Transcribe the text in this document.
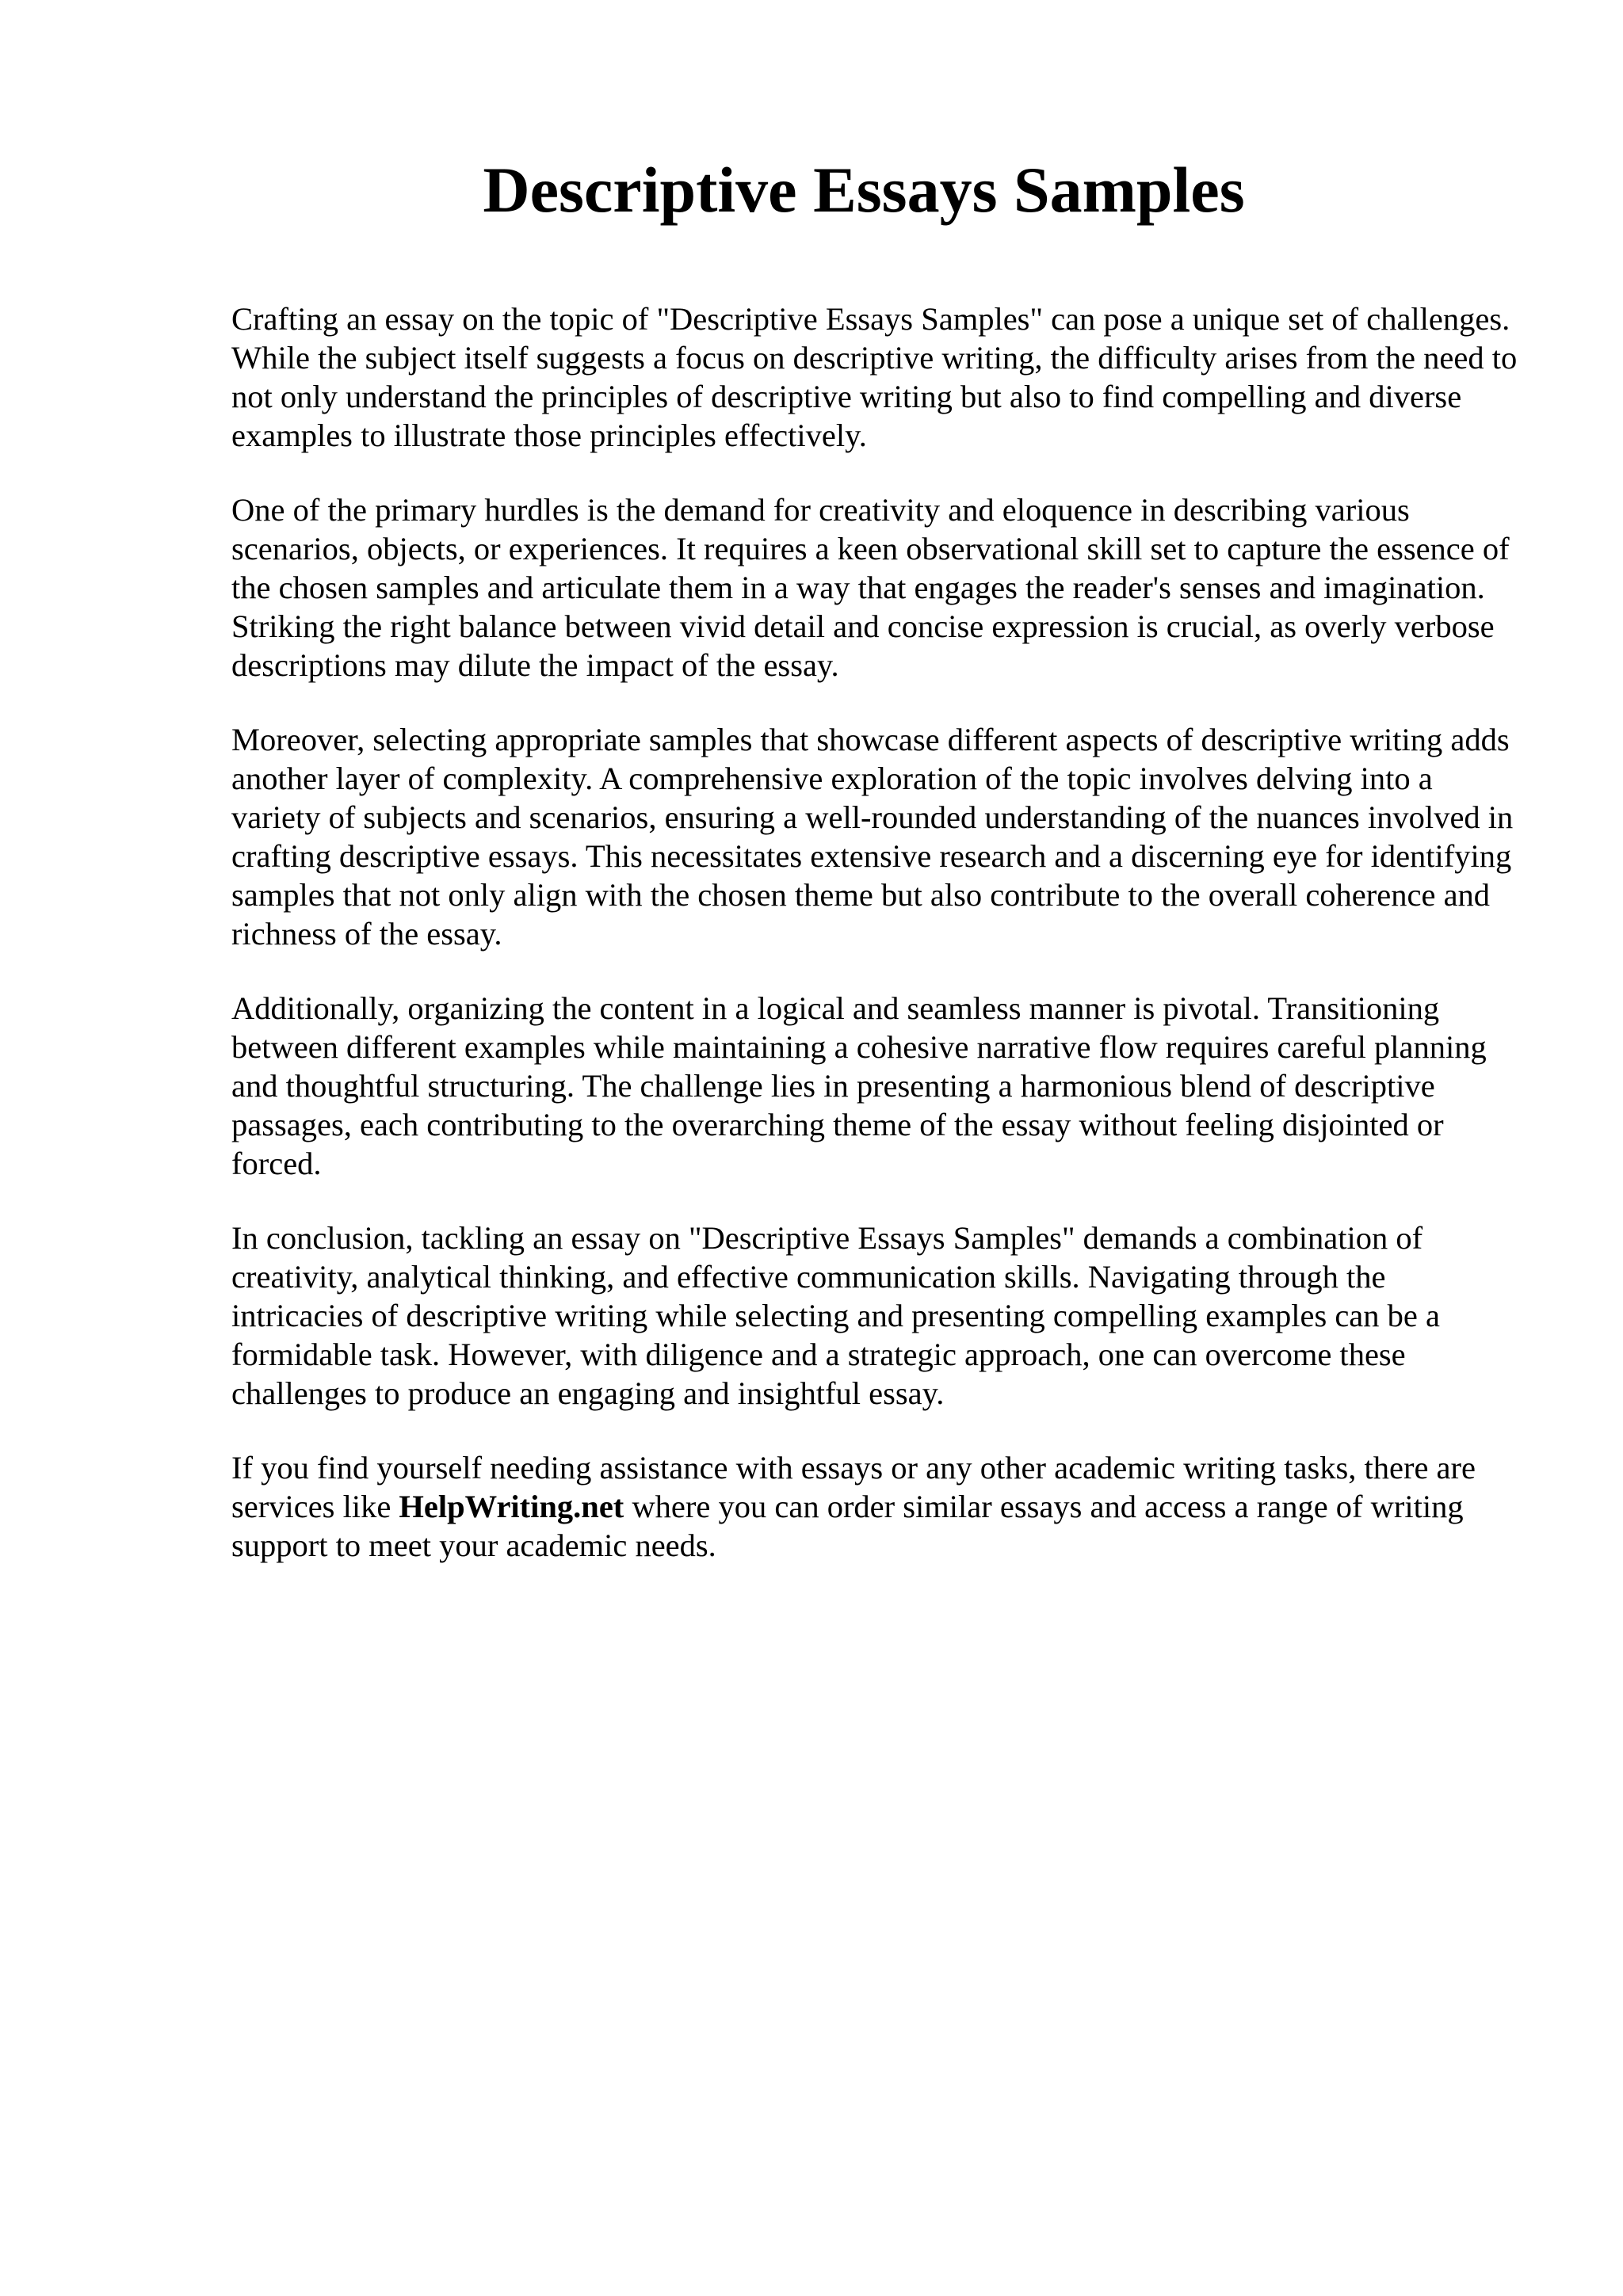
Descriptive Essays Samples

Crafting an essay on the topic of "Descriptive Essays Samples" can pose a unique set of challenges. While the subject itself suggests a focus on descriptive writing, the difficulty arises from the need to not only understand the principles of descriptive writing but also to find compelling and diverse examples to illustrate those principles effectively.

One of the primary hurdles is the demand for creativity and eloquence in describing various scenarios, objects, or experiences. It requires a keen observational skill set to capture the essence of the chosen samples and articulate them in a way that engages the reader's senses and imagination. Striking the right balance between vivid detail and concise expression is crucial, as overly verbose descriptions may dilute the impact of the essay.

Moreover, selecting appropriate samples that showcase different aspects of descriptive writing adds another layer of complexity. A comprehensive exploration of the topic involves delving into a variety of subjects and scenarios, ensuring a well-rounded understanding of the nuances involved in crafting descriptive essays. This necessitates extensive research and a discerning eye for identifying samples that not only align with the chosen theme but also contribute to the overall coherence and richness of the essay.

Additionally, organizing the content in a logical and seamless manner is pivotal. Transitioning between different examples while maintaining a cohesive narrative flow requires careful planning and thoughtful structuring. The challenge lies in presenting a harmonious blend of descriptive passages, each contributing to the overarching theme of the essay without feeling disjointed or forced.

In conclusion, tackling an essay on "Descriptive Essays Samples" demands a combination of creativity, analytical thinking, and effective communication skills. Navigating through the intricacies of descriptive writing while selecting and presenting compelling examples can be a formidable task. However, with diligence and a strategic approach, one can overcome these challenges to produce an engaging and insightful essay.

If you find yourself needing assistance with essays or any other academic writing tasks, there are services like HelpWriting.net where you can order similar essays and access a range of writing support to meet your academic needs.
